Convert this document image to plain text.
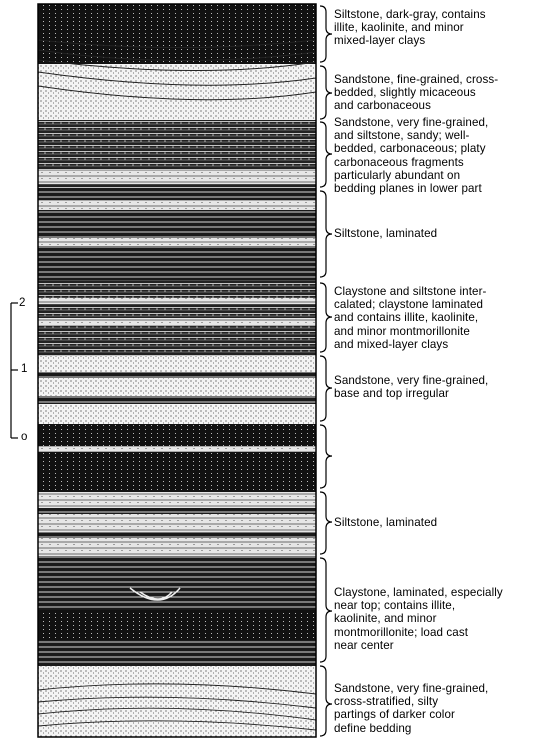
2
1
o
Siltstone, dark-gray, contains
illite, kaolinite, and minor
mixed-layer clays
Sandstone, fine-grained, cross-
bedded, slightly micaceous
and carbonaceous
Sandstone, very fine-grained,
and siltstone, sandy; well-
bedded, carbonaceous; platy
carbonaceous fragments
particularly abundant on
bedding planes in lower part
Siltstone, laminated
Claystone and siltstone inter-
calated; claystone laminated
and contains illite, kaolinite,
and minor montmorillonite
and mixed-layer clays
Sandstone, very fine-grained,
base and top irregular
Siltstone, laminated
Claystone, laminated, especially
near top; contains illite,
kaolinite, and minor
montmorillonite; load cast
near center
Sandstone, very fine-grained,
cross-stratified, silty
partings of darker color
define bedding
